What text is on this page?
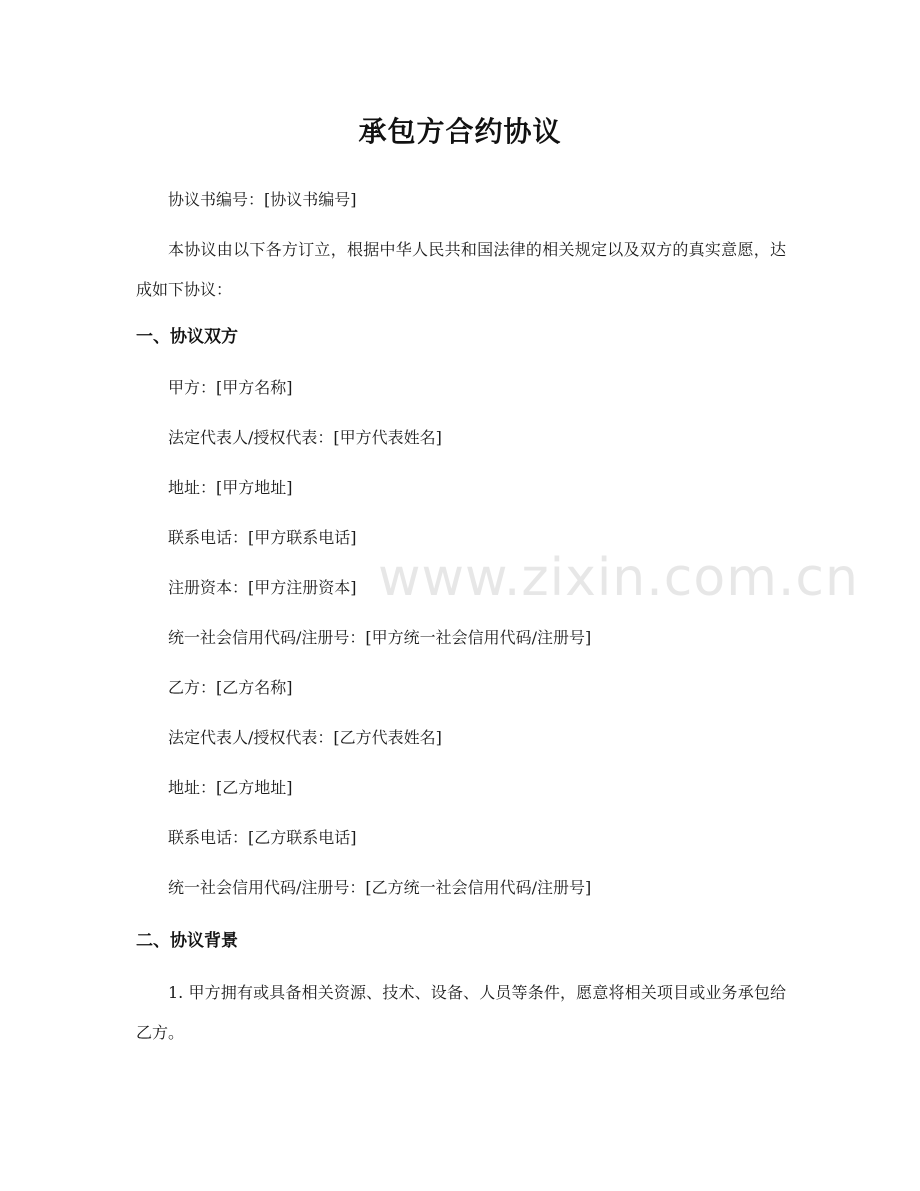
承包方合约协议
协议书编号：[协议书编号]
本协议由以下各方订立，根据中华人民共和国法律的相关规定以及双方的真实意愿，达成如下协议：
一、协议双方
甲方：[甲方名称]
法定代表人/授权代表：[甲方代表姓名]
地址：[甲方地址]
联系电话：[甲方联系电话]
注册资本：[甲方注册资本]
统一社会信用代码/注册号：[甲方统一社会信用代码/注册号]
乙方：[乙方名称]
法定代表人/授权代表：[乙方代表姓名]
地址：[乙方地址]
联系电话：[乙方联系电话]
统一社会信用代码/注册号：[乙方统一社会信用代码/注册号]
二、协议背景
1. 甲方拥有或具备相关资源、技术、设备、人员等条件，愿意将相关项目或业务承包给乙方。
www.zixin.com.cn
